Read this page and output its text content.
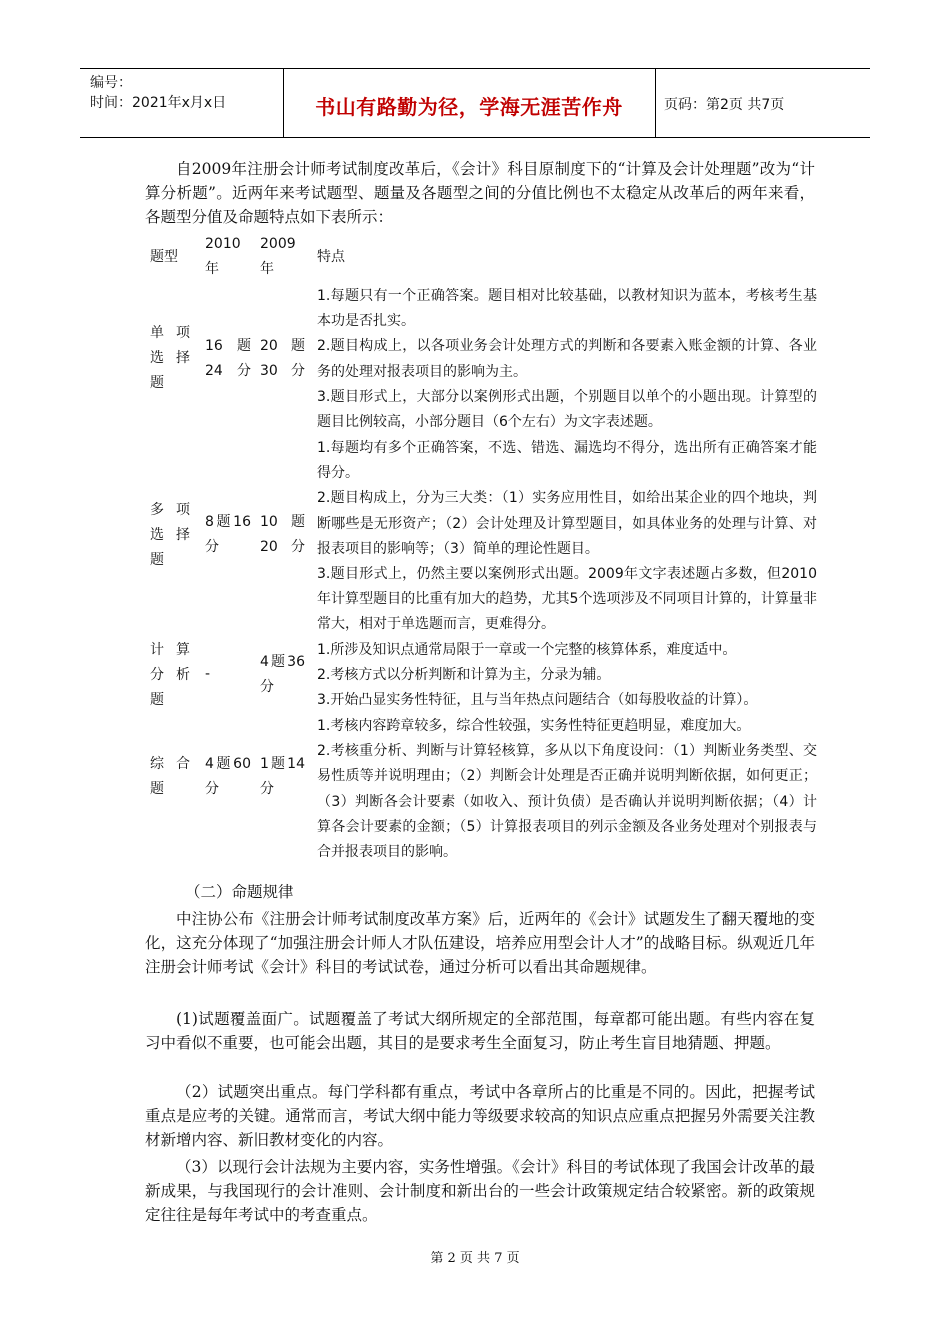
编号：
时间：2021年x月x日	书山有路勤为径，学海无涯苦作舟	页码：第2页 共7页

自2009年注册会计师考试制度改革后，《会计》科目原制度下的“计算及会计处理题”改为“计算分析题”。近两年来考试题型、题量及各题型之间的分值比例也不太稳定从改革后的两年来看，各题型分值及命题特点如下表所示：

题型
2010年
2009年
特点
单项选择题
16题24分
20题30分

1.每题只有一个正确答案。题目相对比较基础，以教材知识为蓝本，考核考生基本功是否扎实。

2.题目构成上，以各项业务会计处理方式的判断和各要素入账金额的计算、各业务的处理对报表项目的影响为主。

3.题目形式上，大部分以案例形式出题，个别题目以单个的小题出现。计算型的题目比例较高，小部分题目（6个左右）为文字表述题。

多项选择题
8题16分
10题20分

1.每题均有多个正确答案，不选、错选、漏选均不得分，选出所有正确答案才能得分。

2.题目构成上，分为三大类：（1）实务应用性目，如给出某企业的四个地块，判断哪些是无形资产；（2）会计处理及计算型题目，如具体业务的处理与计算、对报表项目的影响等；（3）简单的理论性题目。

3.题目形式上，仍然主要以案例形式出题。2009年文字表述题占多数，但2010年计算型题目的比重有加大的趋势，尤其5个选项涉及不同项目计算的，计算量非常大，相对于单选题而言，更难得分。

计算分析题
-
4题36分

1.所涉及知识点通常局限于一章或一个完整的核算体系，难度适中。

2.考核方式以分析判断和计算为主，分录为辅。

3.开始凸显实务性特征，且与当年热点问题结合（如每股收益的计算）。

综合题
4题60分
1题14分

1.考核内容跨章较多，综合性较强，实务性特征更趋明显，难度加大。

2.考核重分析、判断与计算轻核算，多从以下角度设问：（1）判断业务类型、交易性质等并说明理由；（2）判断会计处理是否正确并说明判断依据，如何更正；（3）判断各会计要素（如收入、预计负债）是否确认并说明判断依据；（4）计算各会计要素的金额；（5）计算报表项目的列示金额及各业务处理对个别报表与合并报表项目的影响。

（二）命题规律

中注协公布《注册会计师考试制度改革方案》后，近两年的《会计》试题发生了翻天覆地的变化，这充分体现了“加强注册会计师人才队伍建设，培养应用型会计人才”的战略目标。纵观近几年注册会计师考试《会计》科目的考试试卷，通过分析可以看出其命题规律。

(1)试题覆盖面广。试题覆盖了考试大纲所规定的全部范围，每章都可能出题。有些内容在复习中看似不重要，也可能会出题，其目的是要求考生全面复习，防止考生盲目地猜题、押题。

（2）试题突出重点。每门学科都有重点，考试中各章所占的比重是不同的。因此，把握考试重点是应考的关键。通常而言，考试大纲中能力等级要求较高的知识点应重点把握另外需要关注教材新增内容、新旧教材变化的内容。

（3）以现行会计法规为主要内容，实务性增强。《会计》科目的考试体现了我国会计改革的最新成果，与我国现行的会计准则、会计制度和新出台的一些会计政策规定结合较紧密。新的政策规定往往是每年考试中的考查重点。

第 2 页 共 7 页
